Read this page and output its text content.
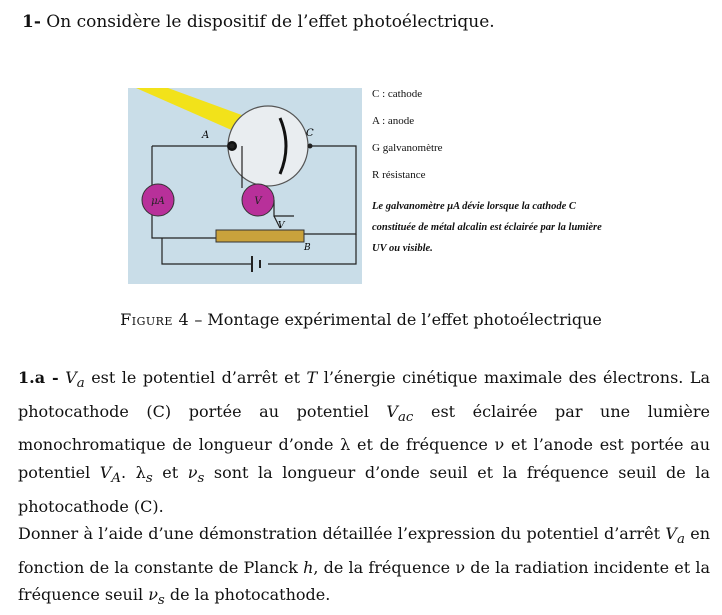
1- On considère le dispositif de l’effet photoélectrique.
μA	V
A	C
B
V
C : cathode
A : anode
G galvanomètre
R résistance
Le galvanomètre μA dévie lorsque la cathode C constituée de métal alcalin est éclairée par la lumière UV ou visible.
Figure 4 – Montage expérimental de l’effet photoélectrique

$1.a - V_a$ est le potentiel d’arrêt et T l’énergie cinétique maximale des électrons. La photocathode (C) portée au potentiel $V_{ac}$ est éclairée par une lumière monochromatique de longueur d’onde λ et de fréquence ν et l’anode est portée au potentiel $V_A$. $\lambda_s$ et $\nu_s$ sont la longueur d’onde seuil et la fréquence seuil de la photocathode (C).

Donner à l’aide d’une démonstration détaillée l’expression du potentiel d’arrêt $V_a$ en fonction de la constante de Planck h, de la fréquence ν de la radiation incidente et la fréquence seuil $\nu_s$ de la photocathode.
